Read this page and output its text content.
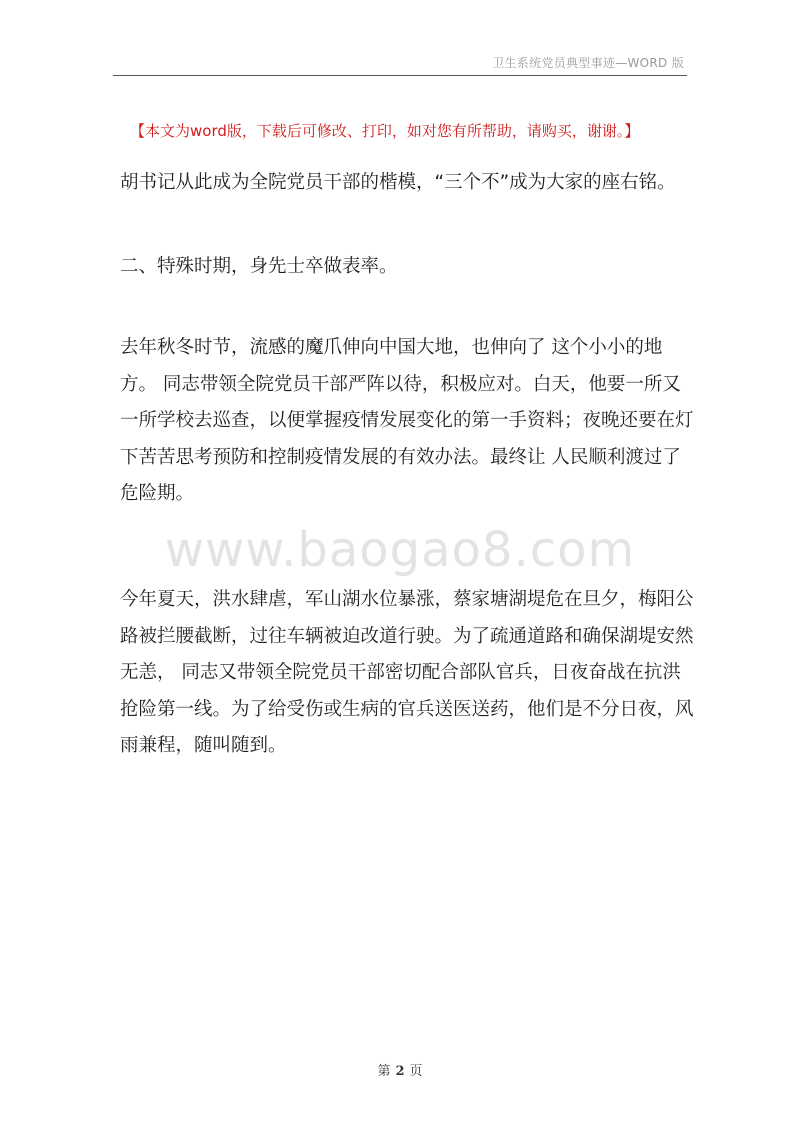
卫生系统党员典型事迹—WORD 版
【本文为word版，下载后可修改、打印，如对您有所帮助，请购买，谢谢。】

胡书记从此成为全院党员干部的楷模，“三个不”成为大家的座右铭。

二、特殊时期，身先士卒做表率。

去年秋冬时节，流感的魔爪伸向中国大地，也伸向了 这个小小的地方。 同志带领全院党员干部严阵以待，积极应对。白天，他要一所又一所学校去巡查，以便掌握疫情发展变化的第一手资料；夜晚还要在灯下苦苦思考预防和控制疫情发展的有效办法。最终让 人民顺利渡过了危险期。

www.baogao8.com

今年夏天，洪水肆虐，军山湖水位暴涨，蔡家塘湖堤危在旦夕，梅阳公路被拦腰截断，过往车辆被迫改道行驶。为了疏通道路和确保湖堤安然无恙， 同志又带领全院党员干部密切配合部队官兵，日夜奋战在抗洪抢险第一线。为了给受伤或生病的官兵送医送药，他们是不分日夜，风雨兼程，随叫随到。

第 2 页
